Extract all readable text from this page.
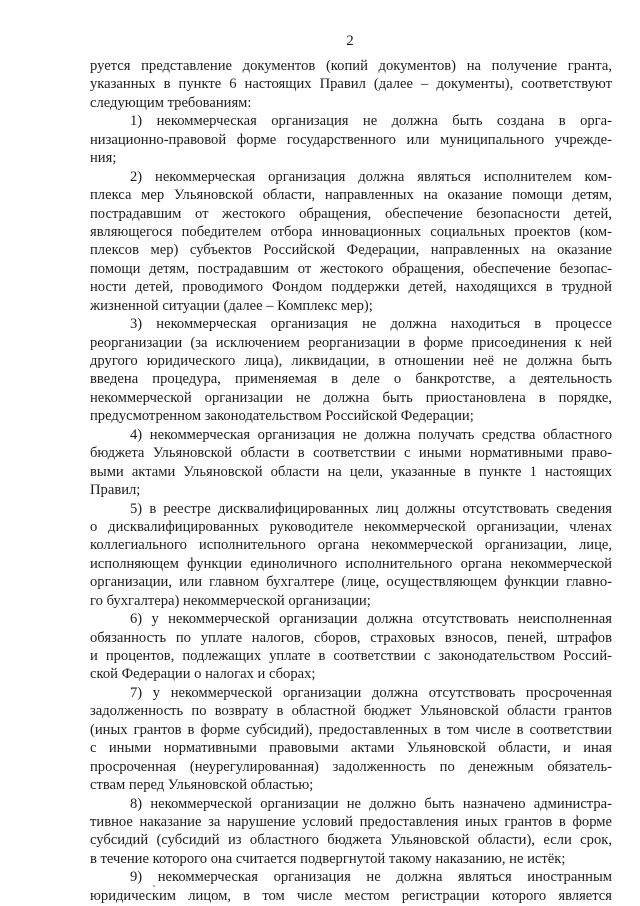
2
руется представление документов (копий документов) на получение гранта,
указанных в пункте 6 настоящих Правил (далее – документы), соответствуют
следующим требованиям:
1) некоммерческая организация не должна быть создана в орга-
низационно-правовой форме государственного или муниципального учрежде-
ния;
2) некоммерческая организация должна являться исполнителем ком-
плекса мер Ульяновской области, направленных на оказание помощи детям,
пострадавшим от жестокого обращения, обеспечение безопасности детей,
являющегося победителем отбора инновационных социальных проектов (ком-
плексов мер) субъектов Российской Федерации, направленных на оказание
помощи детям, пострадавшим от жестокого обращения, обеспечение безопас-
ности детей, проводимого Фондом поддержки детей, находящихся в трудной
жизненной ситуации (далее – Комплекс мер);
3) некоммерческая организация не должна находиться в процессе
реорганизации (за исключением реорганизации в форме присоединения к ней
другого юридического лица), ликвидации, в отношении неё не должна быть
введена процедура, применяемая в деле о банкротстве, а деятельность
некоммерческой организации не должна быть приостановлена в порядке,
предусмотренном законодательством Российской Федерации;
4) некоммерческая организация не должна получать средства областного
бюджета Ульяновской области в соответствии с иными нормативными право-
выми актами Ульяновской области на цели, указанные в пункте 1 настоящих
Правил;
5) в реестре дисквалифицированных лиц должны отсутствовать сведения
о дисквалифицированных руководителе некоммерческой организации, членах
коллегиального исполнительного органа некоммерческой организации, лице,
исполняющем функции единоличного исполнительного органа некоммерческой
организации, или главном бухгалтере (лице, осуществляющем функции главно-
го бухгалтера) некоммерческой организации;
6) у некоммерческой организации должна отсутствовать неисполненная
обязанность по уплате налогов, сборов, страховых взносов, пеней, штрафов
и процентов, подлежащих уплате в соответствии с законодательством Россий-
ской Федерации о налогах и сборах;
7) у некоммерческой организации должна отсутствовать просроченная
задолженность по возврату в областной бюджет Ульяновской области грантов
(иных грантов в форме субсидий), предоставленных в том числе в соответствии
с иными нормативными правовыми актами Ульяновской области, и иная
просроченная (неурегулированная) задолженность по денежным обязатель-
ствам перед Ульяновской областью;
8) некоммерческой организации не должно быть назначено администра-
тивное наказание за нарушение условий предоставления иных грантов в форме
субсидий (субсидий из областного бюджета Ульяновской области), если срок,
в течение которого она считается подвергнутой такому наказанию, не истёк;
9) некоммерческая организация не должна являться иностранным
юридическим лицом, в том числе местом регистрации которого является
